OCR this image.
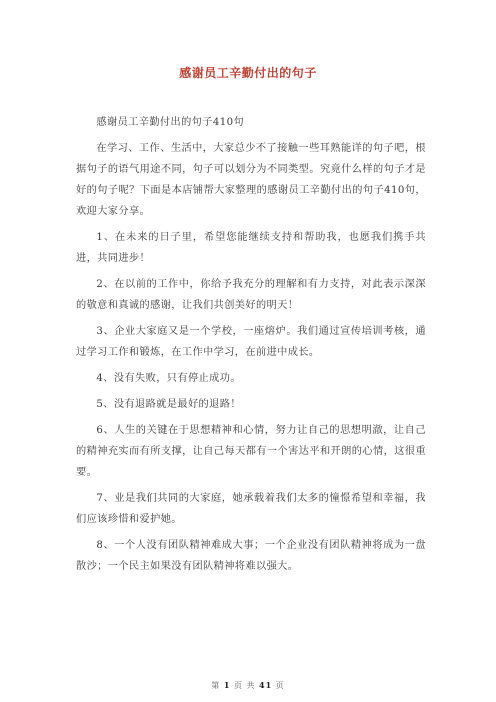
感谢员工辛勤付出的句子

感谢员工辛勤付出的句子410句

在学习、工作、生活中，大家总少不了接触一些耳熟能详的句子吧，根据句子的语气用途不同，句子可以划分为不同类型。究竟什么样的句子才是好的句子呢？下面是本店铺帮大家整理的感谢员工辛勤付出的句子410句，欢迎大家分享。

1、在未来的日子里，希望您能继续支持和帮助我，也愿我们携手共进，共同进步！

2、在以前的工作中，你给予我充分的理解和有力支持，对此表示深深的敬意和真诚的感谢，让我们共创美好的明天！

3、企业大家庭又是一个学校，一座熔炉。我们通过宣传培训考核，通过学习工作和锻炼，在工作中学习，在前进中成长。

4、没有失败，只有停止成功。

5、没有退路就是最好的退路！

6、人生的关键在于思想精神和心情，努力让自己的思想明澈，让自己的精神充实而有所支撑，让自己每天都有一个害达平和开朗的心情，这很重要。

7、业是我们共同的大家庭，她承载着我们太多的憧憬希望和幸福，我们应该珍惜和爱护她。

8、一个人没有团队精神难成大事；一个企业没有团队精神将成为一盘散沙；一个民主如果没有团队精神将难以强大。

第 1 页 共 41 页
